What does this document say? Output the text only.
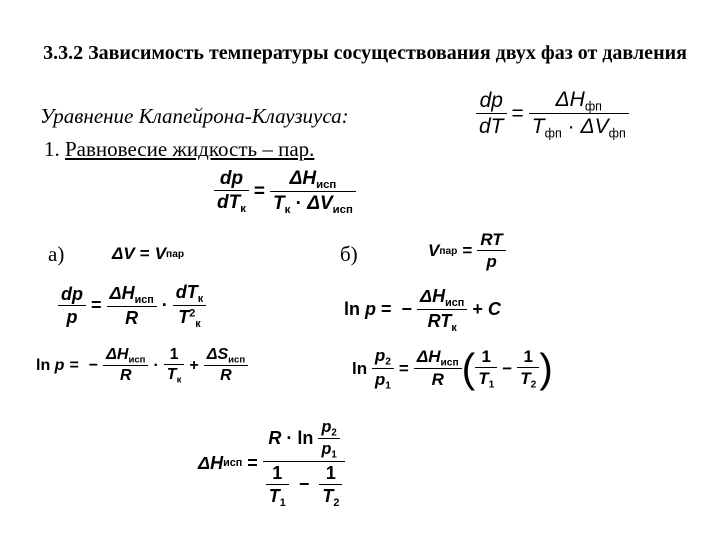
3.3.2 Зависимость температуры сосуществования двух фаз от давления
Уравнение Клапейрона-Клаузиуса:
1. Равновесие жидкость – пар.
$\frac{dp}{dT} = \frac{\Delta H_{фп}}{T_{фп} \cdot \Delta V_{фп}}$
$\frac{dp}{dT_к} = \frac{\Delta H_{исп}}{T_к \cdot \Delta V_{исп}}$
а)	ΔV = V пар	б)	V пар = $\frac{RT}{p}$
$\frac{dp}{p} = \frac{\Delta H_{исп}}{R} \cdot \frac{dT_к}{T^2_к}$	ln
p = − $\frac{\Delta H_{исп}}{RT_к} + C$
ln
p = − $\frac{\Delta H_{исп}}{R} \cdot \frac{1}{T_к} + \frac{\Delta S_{исп}}{R}$	ln
$\frac{p_2}{p_1} = \frac{\Delta H_{исп}}{R}$ ( $\frac{1}{T_1} - \frac{1}{T_2}$ )
ΔH исп = $\frac{R \cdot \ln \frac{p_2}{p_1}}{\frac{1}{T_1} - \frac{1}{T_2}}$
